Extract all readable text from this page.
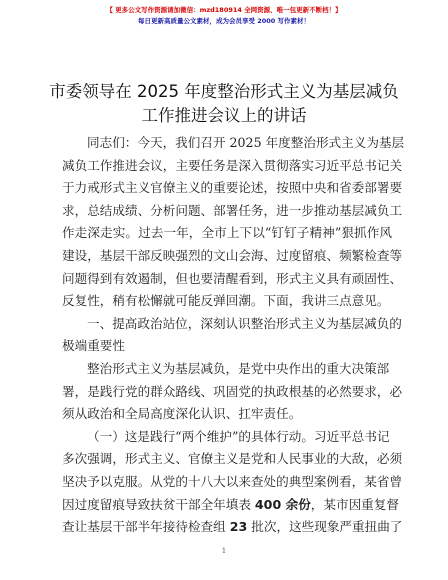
【 更多公文写作资源请加微信：mzd180914 全网资源、唯一包更新不断档！】
每日更新高质量公文素材，成为会员享受 2000 写作素材！
市委领导在 2025 年度整治形式主义为基层减负
工作推进会议上的讲话
同志们：今天，我们召开 2025 年度整治形式主义为基层
减负工作推进会议，主要任务是深入贯彻落实习近平总书记关
于力戒形式主义官僚主义的重要论述，按照中央和省委部署要
求，总结成绩、分析问题、部署任务，进一步推动基层减负工
作走深走实。过去一年，全市上下以“钉钉子精神”狠抓作风
建设，基层干部反映强烈的文山会海、过度留痕、频繁检查等
问题得到有效遏制，但也要清醒看到，形式主义具有顽固性、
反复性，稍有松懈就可能反弹回潮。下面，我讲三点意见。
一、提高政治站位，深刻认识整治形式主义为基层减负的
极端重要性
整治形式主义为基层减负，是党中央作出的重大决策部
署，是践行党的群众路线、巩固党的执政根基的必然要求，必
须从政治和全局高度深化认识、扛牢责任。
（一）这是践行“两个维护”的具体行动。习近平总书记
多次强调，形式主义、官僚主义是党和人民事业的大敌，必须
坚决予以克服。从党的十八大以来查处的典型案例看，某省曾
因过度留痕导致扶贫干部全年填表 400 余份，某市因重复督
查让基层干部半年接待检查组 23 批次，这些现象严重扭曲了
1
